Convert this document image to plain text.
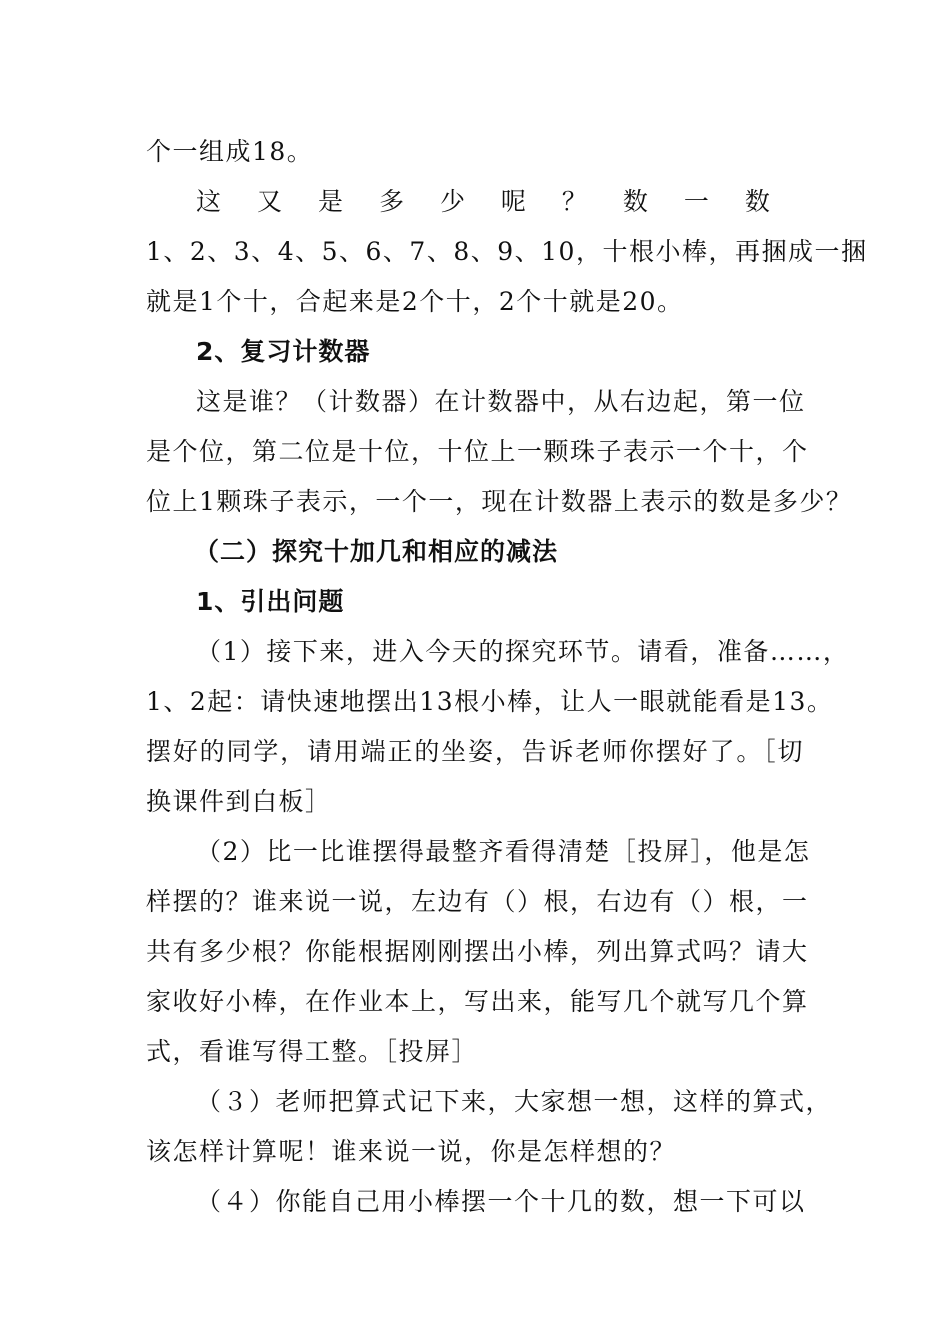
个一组成18。
这 又 是 多 少 呢 ？ 数 一 数
1、2、3、4、5、6、7、8、9、10，十根小棒，再捆成一捆
就是1个十，合起来是2个十，2个十就是20。
2、复习计数器
这是谁？（计数器）在计数器中，从右边起，第一位
是个位，第二位是十位，十位上一颗珠子表示一个十，个
位上1颗珠子表示，一个一，现在计数器上表示的数是多少？
（二）探究十加几和相应的减法
1、引出问题
（1）接下来，进入今天的探究环节。请看，准备……，
1、2起：请快速地摆出13根小棒，让人一眼就能看是13。
摆好的同学，请用端正的坐姿，告诉老师你摆好了。［切
换课件到白板］
（2）比一比谁摆得最整齐看得清楚［投屏］，他是怎
样摆的？谁来说一说，左边有（）根，右边有（）根，一
共有多少根？你能根据刚刚摆出小棒，列出算式吗？请大
家收好小棒，在作业本上，写出来，能写几个就写几个算
式，看谁写得工整。［投屏］
（３）老师把算式记下来，大家想一想，这样的算式，
该怎样计算呢！谁来说一说，你是怎样想的？
（４）你能自己用小棒摆一个十几的数，想一下可以
